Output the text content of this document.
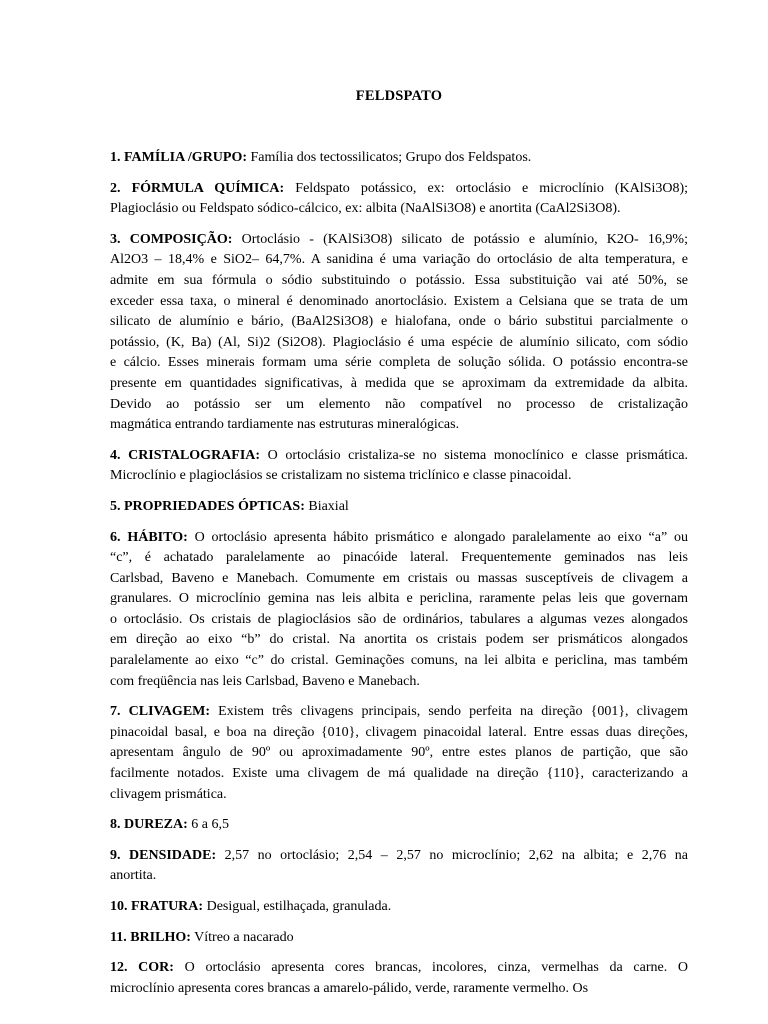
FELDSPATO
1. FAMÍLIA /GRUPO: Família dos tectossilicatos; Grupo dos Feldspatos.
2. FÓRMULA QUÍMICA: Feldspato potássico, ex: ortoclásio e microclínio (KAlSi3O8);
Plagioclásio ou Feldspato sódico-cálcico, ex: albita (NaAlSi3O8) e anortita (CaAl2Si3O8).
3. COMPOSIÇÃO: Ortoclásio - (KAlSi3O8) silicato de potássio e alumínio, K2O- 16,9%;
Al2O3 – 18,4% e SiO2– 64,7%. A sanidina é uma variação do ortoclásio de alta temperatura, e
admite em sua fórmula o sódio substituindo o potássio. Essa substituição vai até 50%, se
exceder essa taxa, o mineral é denominado anortoclásio. Existem a Celsiana que se trata de um
silicato de alumínio e bário, (BaAl2Si3O8) e hialofana, onde o bário substitui parcialmente o
potássio, (K, Ba) (Al, Si)2 (Si2O8). Plagioclásio é uma espécie de alumínio silicato, com sódio
e cálcio. Esses minerais formam uma série completa de solução sólida. O potássio encontra-se
presente em quantidades significativas, à medida que se aproximam da extremidade da albita.
Devido ao potássio ser um elemento não compatível no processo de cristalização
magmática entrando tardiamente nas estruturas mineralógicas.
4. CRISTALOGRAFIA: O ortoclásio cristaliza-se no sistema monoclínico e classe prismática.
Microclínio e plagioclásios se cristalizam no sistema triclínico e classe pinacoidal.
5. PROPRIEDADES ÓPTICAS: Biaxial
6. HÁBITO: O ortoclásio apresenta hábito prismático e alongado paralelamente ao eixo “a” ou
“c”, é achatado paralelamente ao pinacóide lateral. Frequentemente geminados nas leis
Carlsbad, Baveno e Manebach. Comumente em cristais ou massas susceptíveis de clivagem a
granulares. O microclínio gemina nas leis albita e periclina, raramente pelas leis que governam
o ortoclásio. Os cristais de plagioclásios são de ordinários, tabulares a algumas vezes alongados
em direção ao eixo “b” do cristal. Na anortita os cristais podem ser prismáticos alongados
paralelamente ao eixo “c” do cristal. Geminações comuns, na lei albita e periclina, mas também
com freqüência nas leis Carlsbad, Baveno e Manebach.
7. CLIVAGEM: Existem três clivagens principais, sendo perfeita na direção {001}, clivagem
pinacoidal basal, e boa na direção {010}, clivagem pinacoidal lateral. Entre essas duas direções,
apresentam ângulo de 90º ou aproximadamente 90º, entre estes planos de partição, que são
facilmente notados. Existe uma clivagem de má qualidade na direção {110}, caracterizando a
clivagem prismática.
8. DUREZA: 6 a 6,5
9. DENSIDADE: 2,57 no ortoclásio; 2,54 – 2,57 no microclínio; 2,62 na albita; e 2,76 na
anortita.
10. FRATURA: Desigual, estilhaçada, granulada.
11. BRILHO: Vítreo a nacarado
12. COR: O ortoclásio apresenta cores brancas, incolores, cinza, vermelhas da carne. O
microclínio apresenta cores brancas a amarelo-pálido, verde, raramente vermelho. Os
